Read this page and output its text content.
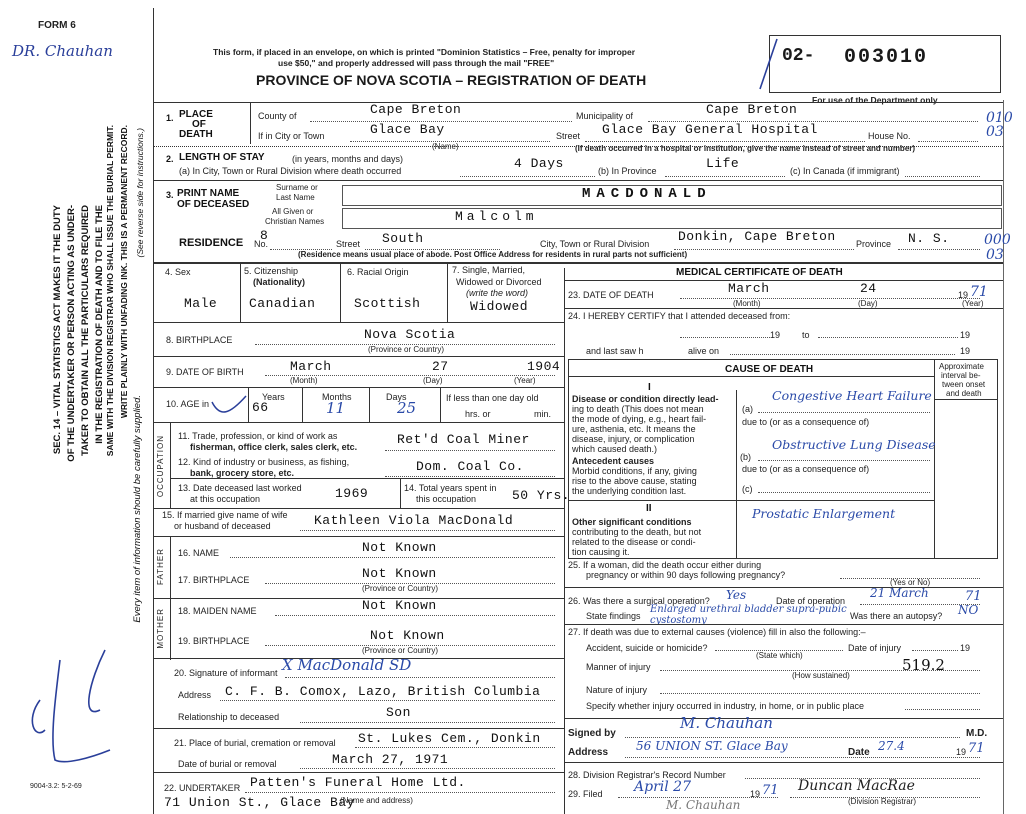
FORM 6
DR. Chauhan
SEC. 14 – VITAL STATISTICS ACT MAKES IT THE DUTY OF THE UNDERTAKER OR PERSON ACTING AS UNDER- TAKER TO OBTAIN ALL THE PARTICULARS REQUIRED IN THE REGISTRATION OF DEATH AND TO FILE THE SAME WITH THE DIVISION REGISTRAR WHO SHALL ISSUE THE BURIAL PERMIT. WRITE PLAINLY WITH UNFADING INK. THIS IS A PERMANENT RECORD.
Every item of information should be carefully supplied.
(See reverse side for instructions.)
9004-3.2: 5-2-69
This form, if placed in an envelope, on which is printed "Dominion Statistics – Free, penalty for improper
use $50," and properly addressed will pass through the mail "FREE"
PROVINCE OF NOVA SCOTIA – REGISTRATION OF DEATH
02- 003010
For use of the Department only
010
03
000
03
1. PLACE
OF
DEATH
County of	Cape Breton	Municipality of	Cape Breton
If in City or Town	Glace Bay
(Name)
Street Glace Bay General Hospital	House No.
(If death occurred in a hospital or institution, give the name instead of street and number)
2. LENGTH OF STAY	(in years, months and days)
(a) In City, Town or Rural Division where death occurred	4 Days	(b) In Province	Life	(c) In Canada (if immigrant)
3. PRINT NAME
OF DECEASED
Surname or
Last Name	MACDONALD
All Given or
Christian Names	Malcolm
RESIDENCE No.
8
Street South	City, Town or Rural Division Donkin, Cape Breton Province N. S.
(Residence means usual place of abode. Post Office Address for residents in rural parts not sufficient)
4. Sex
Male
5. Citizenship
(Nationality)
Canadian
6. Racial Origin
Scottish
7. Single, Married,
Widowed or Divorced
(write the word)
Widowed
8. BIRTHPLACE	Nova Scotia
(Province or Country)
9. DATE OF BIRTH	March	27	1904
(Month)	(Day)	(Year)
10. AGE in
Years
66
Months
11
Days
25
If less than one day old
hrs. or	min.
OCCUPATION 11. Trade, profession, or kind of work as
fisherman, office clerk, sales clerk, etc.	Ret'd Coal Miner
12. Kind of industry or business, as fishing,
bank, grocery store, etc.	Dom. Coal Co.
13. Date deceased last worked
at this occupation	1969	14. Total years spent in
this occupation	50 Yrs.
15. If married give name of wife
or husband of deceased	Kathleen Viola MacDonald
FATHER 16. NAME	Not Known
17. BIRTHPLACE	Not Known
(Province or Country)
MOTHER 18. MAIDEN NAME	Not Known
19. BIRTHPLACE	Not Known
(Province or Country)
20. Signature of informant X MacDonald SD
Address C. F. B. Comox, Lazo, British Columbia
Relationship to deceased	Son
21. Place of burial, cremation or removal St. Lukes Cem., Donkin
Date of burial or removal	March 27, 1971
22. UNDERTAKER Patten's Funeral Home Ltd.
71 Union St., Glace Bay
(Name and address)
MEDICAL CERTIFICATE OF DEATH
23. DATE OF DEATH	March	24	19 71
(Month)	(Day)	(Year)
24. I HEREBY CERTIFY that I attended deceased from:
19 to	19
and last saw h	alive on	19
CAUSE OF DEATH	Approximate
interval be-
tween onset
and death
I
Disease or condition directly lead-
ing to death (This does not mean
the mode of dying, e.g., heart fail-
ure, asthenia, etc. It means the
disease, injury, or complication
which caused death.)
(a)
Congestive Heart Failure
due to (or as a consequence of)
Antecedent causes
Morbid conditions, if any, giving
rise to the above cause, stating
the underlying condition last.
(b)
Obstructive Lung Disease
due to (or as a consequence of)
(c)
II
Other significant conditions
contributing to the death, but not
related to the disease or condi-
tion causing it.
Prostatic Enlargement
25. If a woman, did the death occur either during
pregnancy or within 90 days following pregnancy?
(Yes or No)
26. Was there a surgical operation? Yes	Date of operation
21 March	71
State findings
Enlarged urethral bladder supra-pubic cystostomy	Was there an autopsy? NO
27. If death was due to external causes (violence) fill in also the following:–
Accident, suicide or homicide?
(State which)
Date of injury	19
Manner of injury	519.2
(How sustained)
Nature of injury
Specify whether injury occurred in industry, in home, or in public place
Signed by
M. Chauhan
M.D.
Address 56 UNION ST. Glace Bay	Date 27.4	19 71
28. Division Registrar's Record Number
29. Filed April 27	19 71 Duncan MacRae
(Division Registrar)
M. Chauhan
